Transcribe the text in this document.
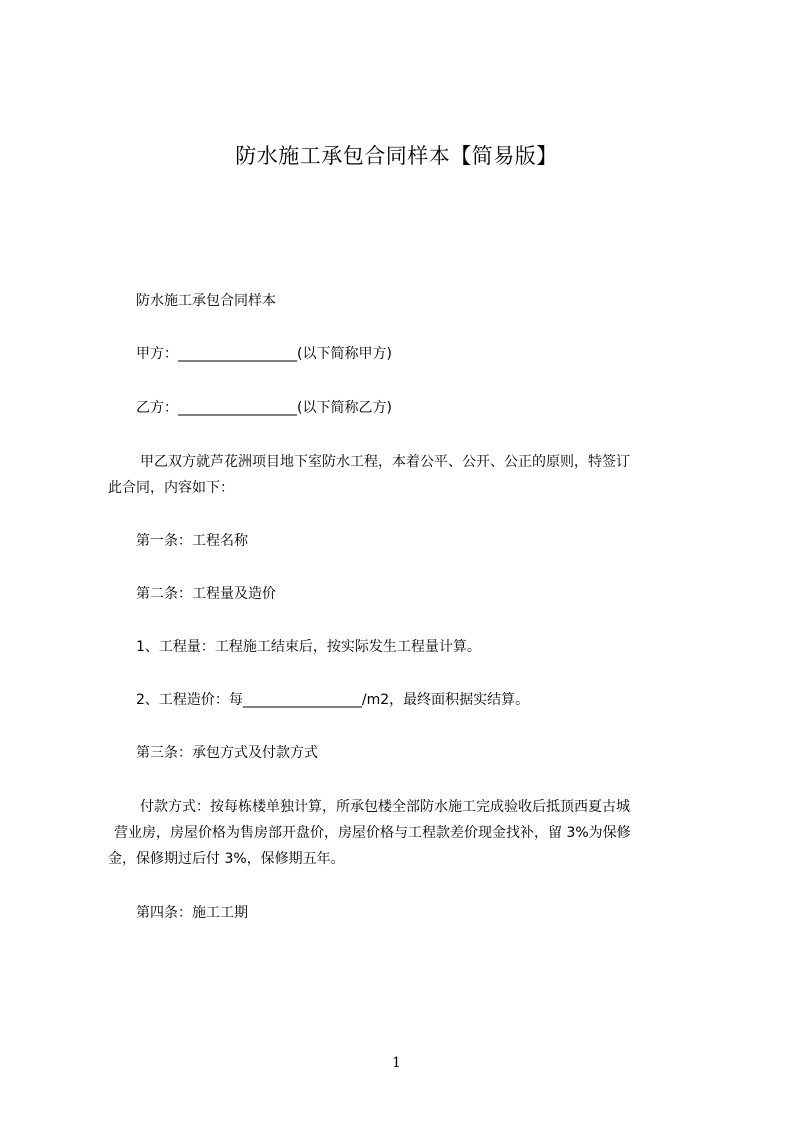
防水施工承包合同样本【简易版】

防水施工承包合同样本

甲方：_________________(以下简称甲方)

乙方：_________________(以下简称乙方)

甲乙双方就芦花洲项目地下室防水工程，本着公平、公开、公正的原则，特签订
此合同，内容如下：

第一条：工程名称

第二条：工程量及造价

1、工程量：工程施工结束后，按实际发生工程量计算。

2、工程造价：每_________________/m2，最终面积据实结算。

第三条：承包方式及付款方式

付款方式：按每栋楼单独计算，所承包楼全部防水施工完成验收后抵顶西夏古城
营业房，房屋价格为售房部开盘价，房屋价格与工程款差价现金找补，留 3%为保修
金，保修期过后付 3%，保修期五年。

第四条：施工工期

1
